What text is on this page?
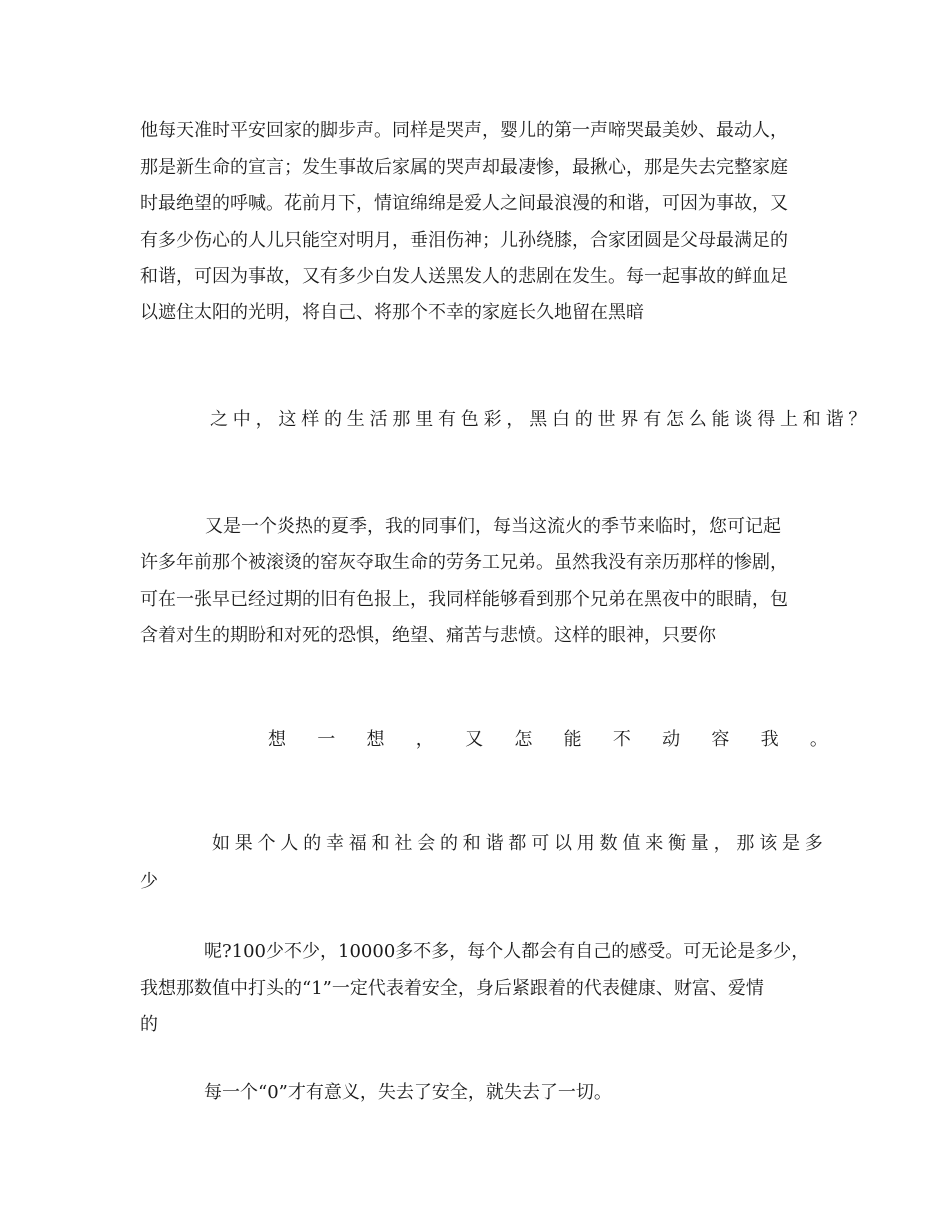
他每天准时平安回家的脚步声。同样是哭声，婴儿的第一声啼哭最美妙、最动人，
那是新生命的宣言；发生事故后家属的哭声却最凄惨，最揪心，那是失去完整家庭
时最绝望的呼喊。花前月下，情谊绵绵是爱人之间最浪漫的和谐，可因为事故，又
有多少伤心的人儿只能空对明月，垂泪伤神；儿孙绕膝，合家团圆是父母最满足的
和谐，可因为事故，又有多少白发人送黑发人的悲剧在发生。每一起事故的鲜血足
以遮住太阳的光明，将自己、将那个不幸的家庭长久地留在黑暗
之中，这样的生活那里有色彩，黑白的世界有怎么能谈得上和谐？
又是一个炎热的夏季，我的同事们，每当这流火的季节来临时，您可记起
许多年前那个被滚烫的窑灰夺取生命的劳务工兄弟。虽然我没有亲历那样的惨剧，
可在一张早已经过期的旧有色报上，我同样能够看到那个兄弟在黑夜中的眼睛，包
含着对生的期盼和对死的恐惧，绝望、痛苦与悲愤。这样的眼神，只要你
想 一 想 ， 又 怎 能 不 动 容 我 。
如果个人的幸福和社会的和谐都可以用数值来衡量，那该是多
少
呢?100少不少，10000多不多，每个人都会有自己的感受。可无论是多少，
我想那数值中打头的“1”一定代表着安全，身后紧跟着的代表健康、财富、爱情
的
每一个“0”才有意义，失去了安全，就失去了一切。
